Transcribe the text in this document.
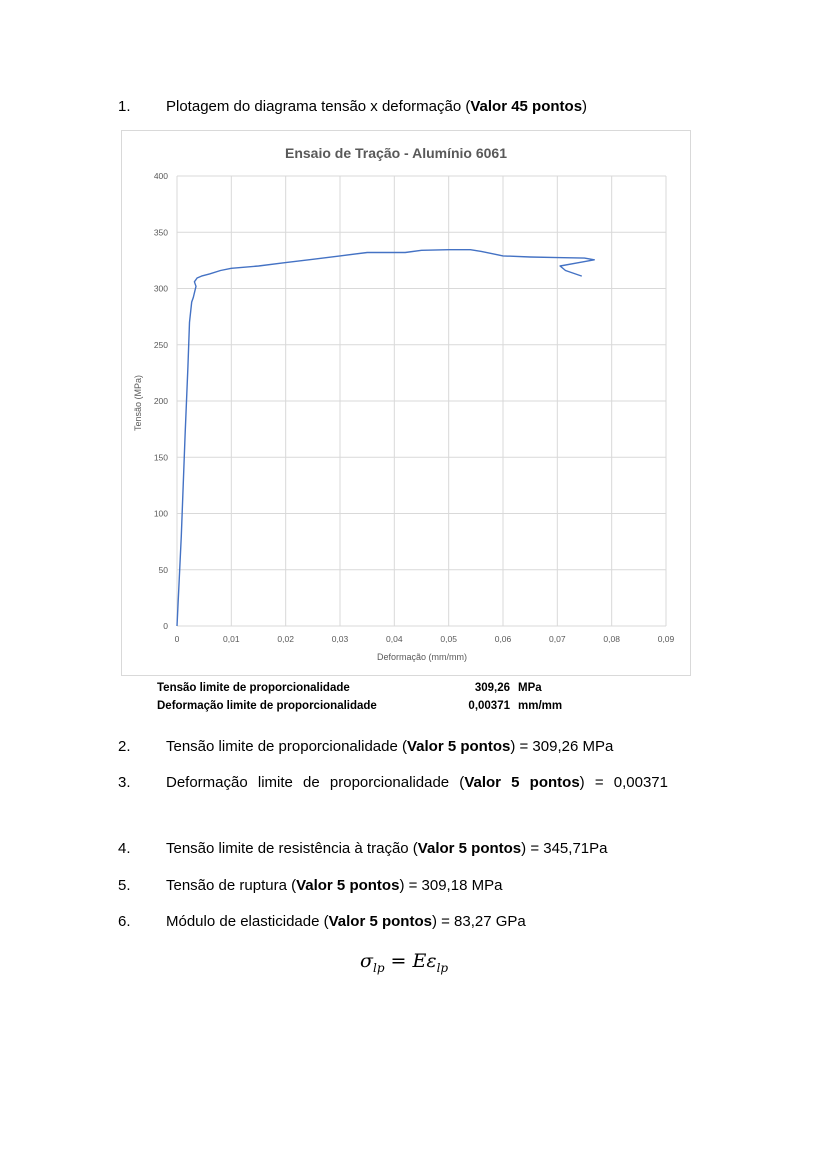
1. Plotagem do diagrama tensão x deformação (Valor 45 pontos)
0
50
100
150
200
250
300
350
400
0	0,01	0,02	0,03	0,04	0,05	0,06	0,07	0,08	0,09
Ensaio de Tração - Alumínio 6061
Deformação (mm/mm)
Tensão (MPa)
Tensão limite de proporcionalidade	309,26 MPa
Deformação limite de proporcionalidade	0,00371 mm/mm
2. Tensão limite de proporcionalidade (Valor 5 pontos) = 309,26 MPa
3. Deformação limite de proporcionalidade (Valor 5 pontos) = 0,00371
4. Tensão limite de resistência à tração (Valor 5 pontos) = 345,71Pa
5. Tensão de ruptura (Valor 5 pontos) = 309,18 MPa
6. Módulo de elasticidade (Valor 5 pontos) = 83,27 GPa
$\sigma_{lp} = E\varepsilon_{lp}$
